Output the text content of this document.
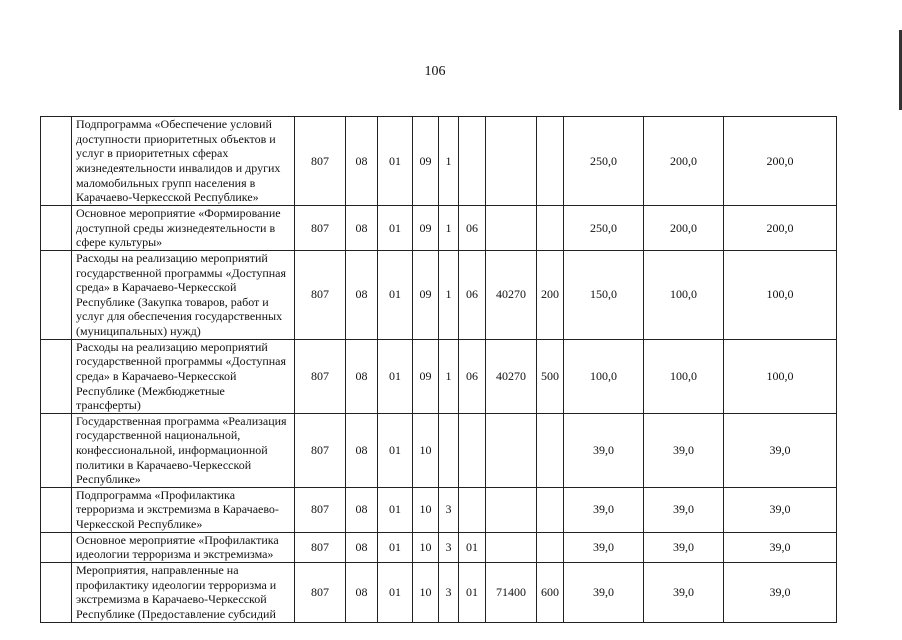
106
	Подпрограмма «Обеспечение условий доступности приоритетных объектов и услуг в приоритетных сферах жизнедеятельности инвалидов и других маломобильных групп населения в Карачаево-Черкесской Республике»	807	08	01	09	1				250,0	200,0	200,0
	Основное мероприятие «Формирование доступной среды жизнедеятельности в сфере культуры»	807	08	01	09	1	06			250,0	200,0	200,0
	Расходы на реализацию мероприятий государственной программы «Доступная среда» в Карачаево-Черкесской Республике (Закупка товаров, работ и услуг для обеспечения государственных (муниципальных) нужд)	807	08	01	09	1	06	40270	200	150,0	100,0	100,0
	Расходы на реализацию мероприятий государственной программы «Доступная среда» в Карачаево-Черкесской Республике (Межбюджетные трансферты)	807	08	01	09	1	06	40270	500	100,0	100,0	100,0
	Государственная программа «Реализация государственной национальной, конфессиональной, информационной политики в Карачаево-Черкесской Республике»	807	08	01	10					39,0	39,0	39,0
	Подпрограмма «Профилактика терроризма и экстремизма в Карачаево-Черкесской Республике»	807	08	01	10	3				39,0	39,0	39,0
	Основное мероприятие «Профилактика идеологии терроризма и экстремизма»	807	08	01	10	3	01			39,0	39,0	39,0
	Мероприятия, направленные на профилактику идеологии терроризма и экстремизма в Карачаево-Черкесской Республике (Предоставление субсидий	807	08	01	10	3	01	71400	600	39,0	39,0	39,0
